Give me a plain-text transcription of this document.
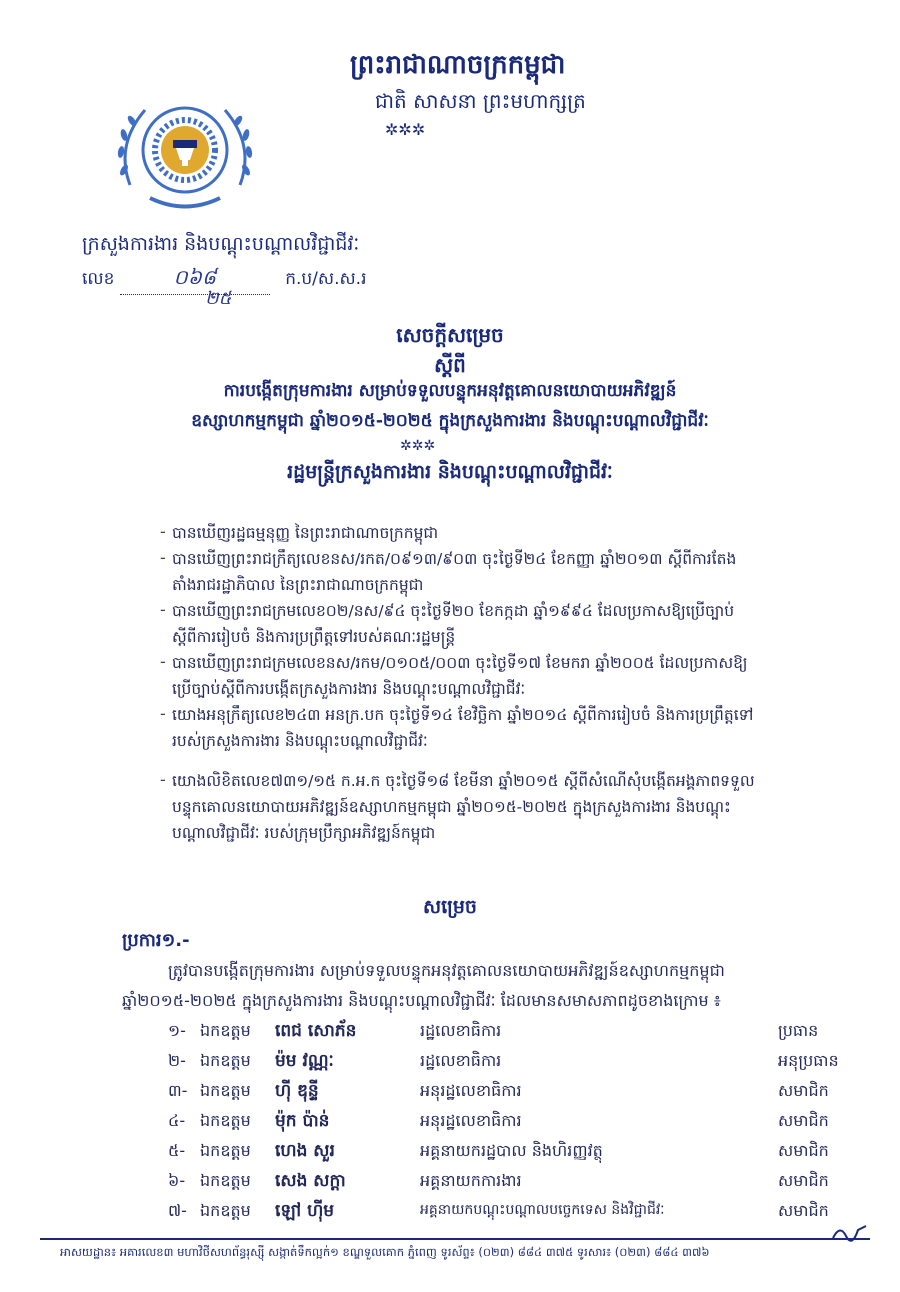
ព្រះរាជាណាចក្រកម្ពុជា
ជាតិ សាសនា ព្រះមហាក្សត្រ
✲✲✲
ក្រសួងការងារ និងបណ្តុះបណ្តាលវិជ្ជាជីវៈ
លេខ	០៦៨	ក.ប/ស.ស.រ
២៥
សេចក្តីសម្រេច
ស្តីពី
ការបង្កើតក្រុមការងារ សម្រាប់ទទួលបន្ទុកអនុវត្តគោលនយោបាយអភិវឌ្ឍន៍
ឧស្សាហកម្មកម្ពុជា ឆ្នាំ២០១៥-២០២៥ ក្នុងក្រសួងការងារ និងបណ្តុះបណ្តាលវិជ្ជាជីវៈ
✲✲✲
រដ្ឋមន្ត្រីក្រសួងការងារ និងបណ្តុះបណ្តាលវិជ្ជាជីវៈ
- បានឃើញរដ្ឋធម្មនុញ្ញ នៃព្រះរាជាណាចក្រកម្ពុជា
- បានឃើញព្រះរាជក្រឹត្យលេខនស/រកត/០៩១៣/៩០៣ ចុះថ្ងៃទី២៤ ខែកញ្ញា ឆ្នាំ២០១៣ ស្តីពីការតែង
តាំងរាជរដ្ឋាភិបាល នៃព្រះរាជាណាចក្រកម្ពុជា
- បានឃើញព្រះរាជក្រមលេខ០២/នស/៩៤ ចុះថ្ងៃទី២០ ខែកក្កដា ឆ្នាំ១៩៩៤ ដែលប្រកាសឱ្យប្រើច្បាប់
ស្តីពីការរៀបចំ និងការប្រព្រឹត្តទៅរបស់គណៈរដ្ឋមន្ត្រី
- បានឃើញព្រះរាជក្រមលេខនស/រកម/០១០៥/០០៣ ចុះថ្ងៃទី១៧ ខែមករា ឆ្នាំ២០០៥ ដែលប្រកាសឱ្យ
ប្រើច្បាប់ស្តីពីការបង្កើតក្រសួងការងារ និងបណ្តុះបណ្តាលវិជ្ជាជីវៈ
- យោងអនុក្រឹត្យលេខ២៤៣ អនក្រ.បក ចុះថ្ងៃទី១៤ ខែវិច្ឆិកា ឆ្នាំ២០១៤ ស្តីពីការរៀបចំ និងការប្រព្រឹត្តទៅ
របស់ក្រសួងការងារ និងបណ្តុះបណ្តាលវិជ្ជាជីវៈ
- យោងលិខិតលេខ៧៣១/១៥ ក.អ.ក ចុះថ្ងៃទី១៨ ខែមីនា ឆ្នាំ២០១៥ ស្តីពីសំណើសុំបង្កើតអង្គភាពទទួល
បន្ទុកគោលនយោបាយអភិវឌ្ឍន៍ឧស្សាហកម្មកម្ពុជា ឆ្នាំ២០១៥-២០២៥ ក្នុងក្រសួងការងារ និងបណ្តុះ
បណ្តាលវិជ្ជាជីវៈ របស់ក្រុមប្រឹក្សាអភិវឌ្ឍន៍កម្ពុជា
សម្រេច
ប្រការ១.-
ត្រូវបានបង្កើតក្រុមការងារ សម្រាប់ទទួលបន្ទុកអនុវត្តគោលនយោបាយអភិវឌ្ឍន៍ឧស្សាហកម្មកម្ពុជា
ឆ្នាំ២០១៥-២០២៥ ក្នុងក្រសួងការងារ និងបណ្តុះបណ្តាលវិជ្ជាជីវៈ ដែលមានសមាសភាពដូចខាងក្រោម ៖
១- ឯកឧត្តម ពេជ សោភ័ន	រដ្ឋលេខាធិការ	ប្រធាន
២- ឯកឧត្តម ម៉ម វណ្ណៈ	រដ្ឋលេខាធិការ	អនុប្រធាន
៣- ឯកឧត្តម ហ៊ី ឌុន្ទី	អនុរដ្ឋលេខាធិការ	សមាជិក
៤- ឯកឧត្តម ម៉ុក ប៉ាន់	អនុរដ្ឋលេខាធិការ	សមាជិក
៥- ឯកឧត្តម ហេង សួរ	អគ្គនាយករដ្ឋបាល និងហិរញ្ញវត្ថុ	សមាជិក
៦- ឯកឧត្តម សេង សក្ដា	អគ្គនាយកការងារ	សមាជិក
៧- ឯកឧត្តម ឡៅ ហ៊ីម	អគ្គនាយកបណ្តុះបណ្តាលបច្ចេកទេស និងវិជ្ជាជីវៈ	សមាជិក
អាសយដ្ឋាន៖ អគារលេខ៣ មហាវិថីសហព័ន្ធរុស្ស៊ី សង្កាត់ទឹកល្អក់១ ខណ្ឌទួលគោក ភ្នំពេញ ទូរស័ព្ទ៖ (០២៣) ៨៨៤ ៣៧៥ ទូរសារ៖ (០២៣) ៨៨៤ ៣៧៦
